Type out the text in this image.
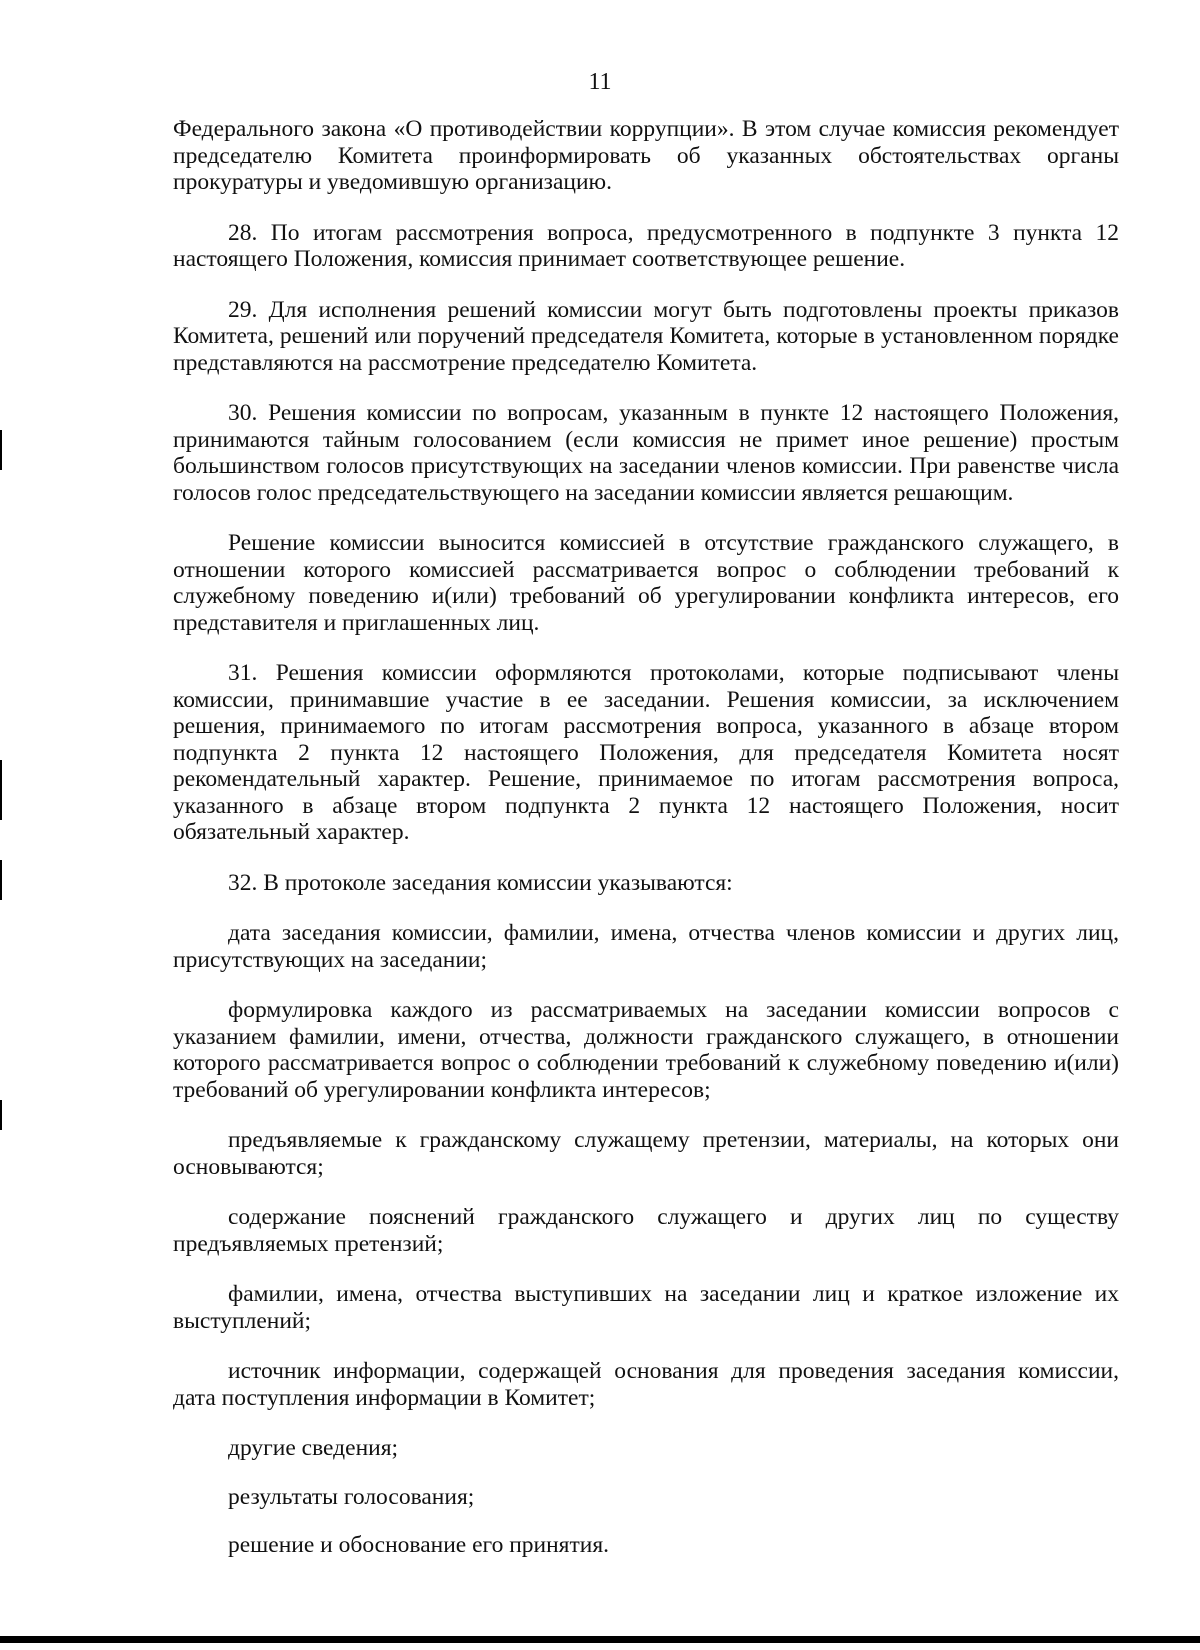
11

Федерального закона «О противодействии коррупции». В этом случае комиссия рекомендует председателю Комитета проинформировать об указанных обстоятельствах органы прокуратуры и уведомившую организацию.

28. По итогам рассмотрения вопроса, предусмотренного в подпункте 3 пункта 12 настоящего Положения, комиссия принимает соответствующее решение.

29. Для исполнения решений комиссии могут быть подготовлены проекты приказов Комитета, решений или поручений председателя Комитета, которые в установленном порядке представляются на рассмотрение председателю Комитета.

30. Решения комиссии по вопросам, указанным в пункте 12 настоящего Положения, принимаются тайным голосованием (если комиссия не примет иное решение) простым большинством голосов присутствующих на заседании членов комиссии. При равенстве числа голосов голос председательствующего на заседании комиссии является решающим.

Решение комиссии выносится комиссией в отсутствие гражданского служащего, в отношении которого комиссией рассматривается вопрос о соблюдении требований к служебному поведению и(или) требований об урегулировании конфликта интересов, его представителя и приглашенных лиц.

31. Решения комиссии оформляются протоколами, которые подписывают члены комиссии, принимавшие участие в ее заседании. Решения комиссии, за исключением решения, принимаемого по итогам рассмотрения вопроса, указанного в абзаце втором подпункта 2 пункта 12 настоящего Положения, для председателя Комитета носят рекомендательный характер. Решение, принимаемое по итогам рассмотрения вопроса, указанного в абзаце втором подпункта 2 пункта 12 настоящего Положения, носит обязательный характер.

32. В протоколе заседания комиссии указываются:

дата заседания комиссии, фамилии, имена, отчества членов комиссии и других лиц, присутствующих на заседании;

формулировка каждого из рассматриваемых на заседании комиссии вопросов с указанием фамилии, имени, отчества, должности гражданского служащего, в отношении которого рассматривается вопрос о соблюдении требований к служебному поведению и(или) требований об урегулировании конфликта интересов;

предъявляемые к гражданскому служащему претензии, материалы, на которых они основываются;

содержание пояснений гражданского служащего и других лиц по существу предъявляемых претензий;

фамилии, имена, отчества выступивших на заседании лиц и краткое изложение их выступлений;

источник информации, содержащей основания для проведения заседания комиссии, дата поступления информации в Комитет;

другие сведения;

результаты голосования;

решение и обоснование его принятия.
